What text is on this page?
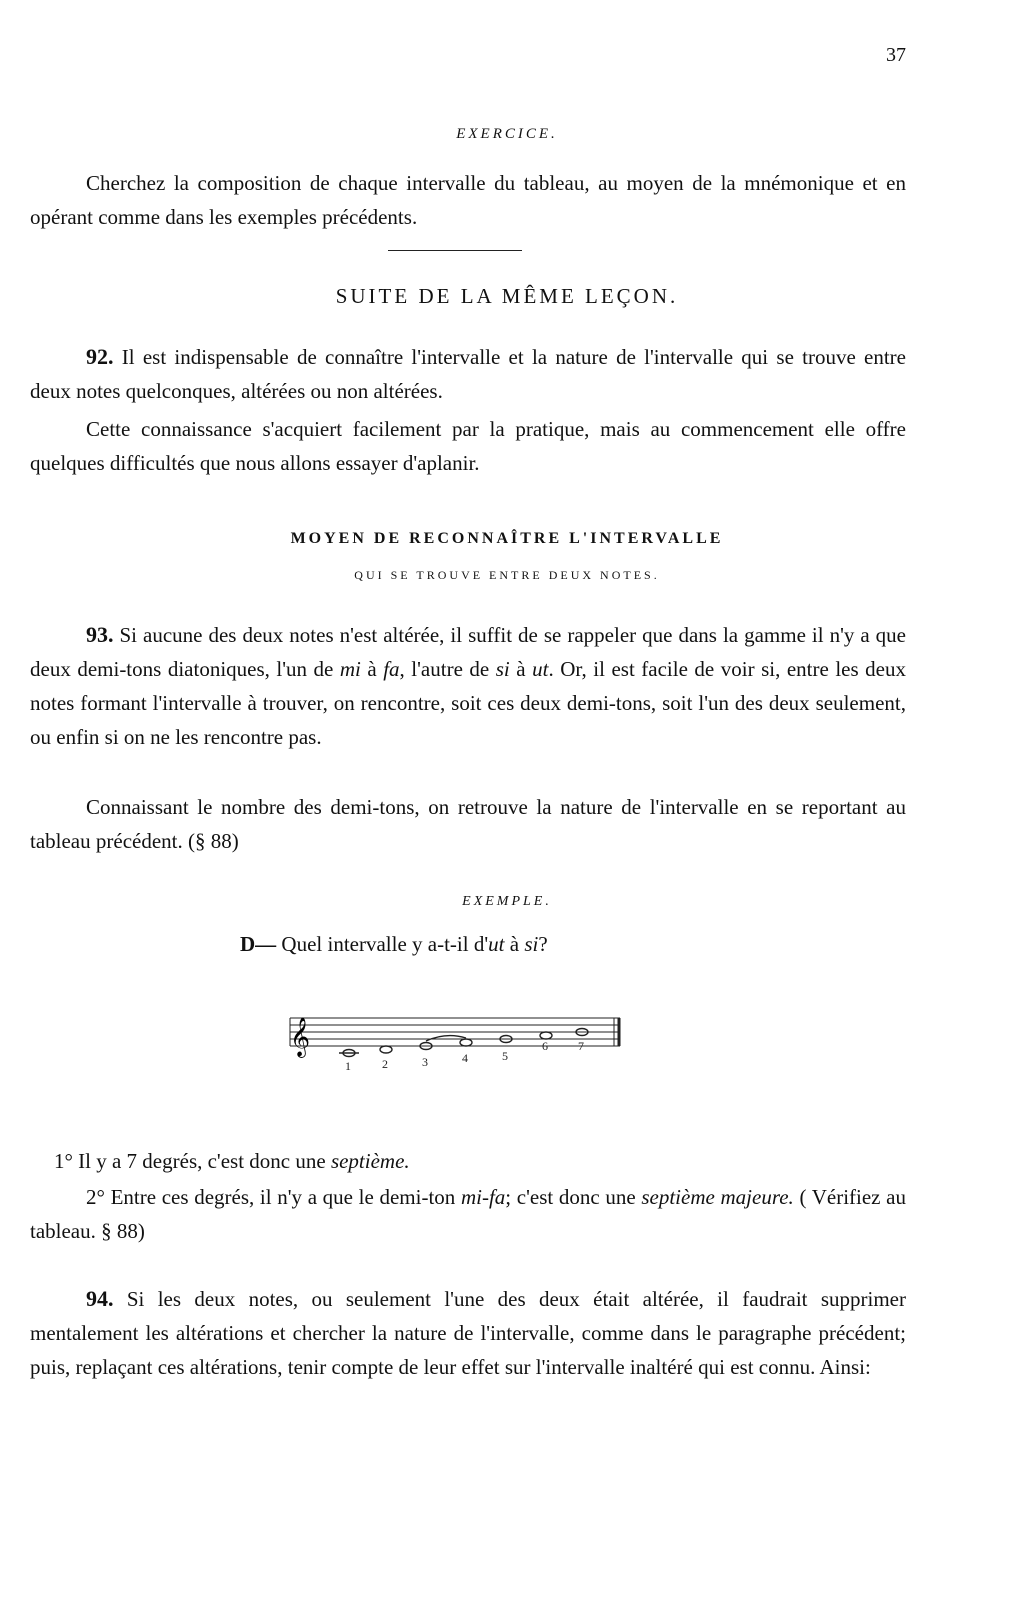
37
EXERCICE.
Cherchez la composition de chaque intervalle du tableau, au moyen de la mnémonique et en opérant comme dans les exemples précédents.
SUITE DE LA MÊME LEÇON.
92. Il est indispensable de connaître l'intervalle et la nature de l'intervalle qui se trouve entre deux notes quelconques, altérées ou non altérées.
Cette connaissance s'acquiert facilement par la pratique, mais au commencement elle offre quelques difficultés que nous allons essayer d'aplanir.
MOYEN DE RECONNAÎTRE L'INTERVALLE
QUI SE TROUVE ENTRE DEUX NOTES.
93. Si aucune des deux notes n'est altérée, il suffit de se rappeler que dans la gamme il n'y a que deux demi-tons diatoniques, l'un de mi à fa, l'autre de si à ut. Or, il est facile de voir si, entre les deux notes formant l'intervalle à trouver, on rencontre, soit ces deux demi-tons, soit l'un des deux seulement, ou enfin si on ne les rencontre pas.
Connaissant le nombre des demi-tons, on retrouve la nature de l'intervalle en se reportant au tableau précédent. (§ 88)
EXEMPLE.
D— Quel intervalle y a-t-il d'ut à si?
𝄞
1	2	3	4	5
6	7
1° Il y a 7 degrés, c'est donc une septième.
2° Entre ces degrés, il n'y a que le demi-ton mi-fa; c'est donc une septième majeure. ( Vérifiez au tableau. § 88)
94. Si les deux notes, ou seulement l'une des deux était altérée, il faudrait supprimer mentalement les altérations et chercher la nature de l'intervalle, comme dans le paragraphe précédent; puis, replaçant ces altérations, tenir compte de leur effet sur l'intervalle inaltéré qui est connu. Ainsi:
